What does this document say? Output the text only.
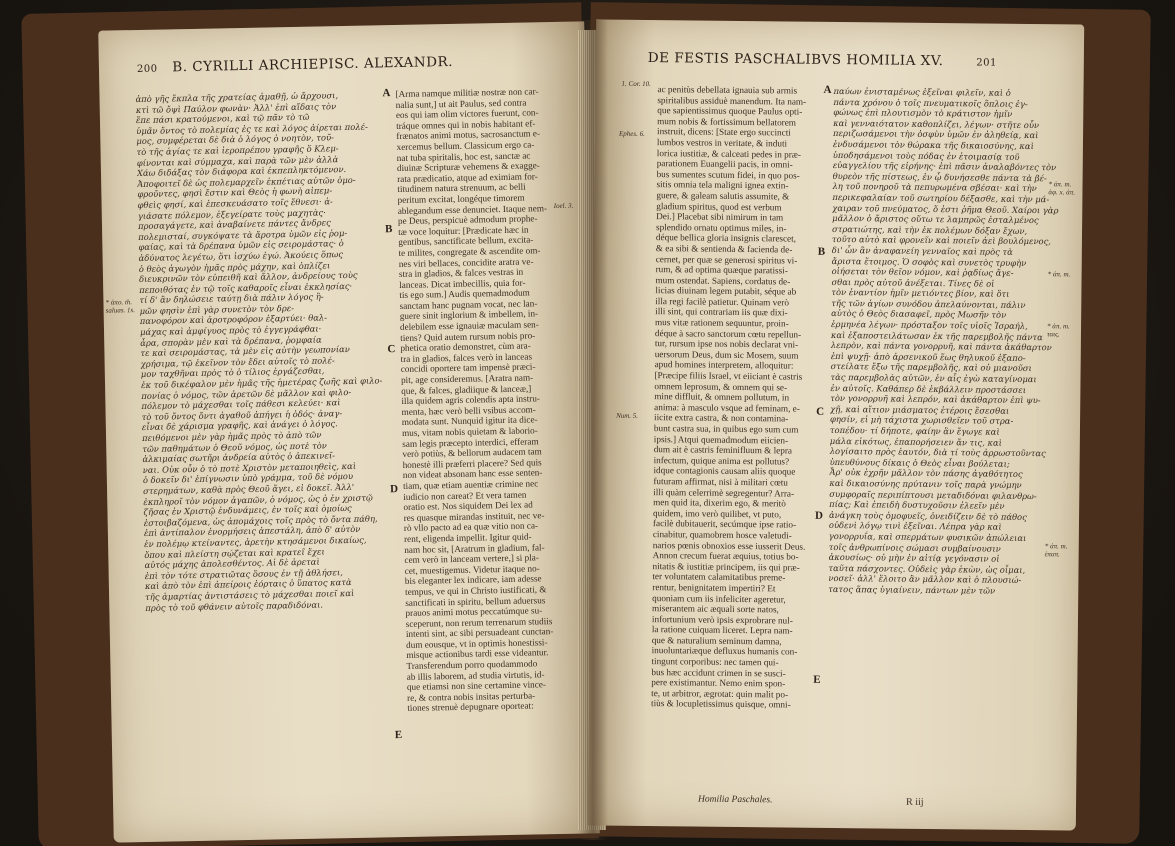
200 B. CYRILLI ARCHIEPISC. ALEXANDR.
ἀπὸ γῆς ἔκπλα τῆς χρατείας ἀμαθῇ, ὡ ἄρχουσι,
κτὶ τῶ ὄψὶ Παύλον φωνὰν· Ἀλλ' ἐπὶ αἴδαις τὸν
ἕπε πάσι κρατούμενοι, καὶ τῷ πᾶν τὸ τῶ
ὑμᾶν ὄντος τὸ πολεμίας ἐς τε καὶ λόγος ἀίρεται πολέ-
μος, συμφέρεται δὲ διὰ ὁ λόγος ὁ νοητὸν, τοῦ-
τὸ τῆς ἁγίας τε καὶ ἱεροπρέπου γραφῆς ὅ Κλεμ-
φίνονται καὶ σύμμαχα, καὶ παρὰ τῶν μὲν ἀλλὰ
Χάω διδάξας τὸν διάφορα καὶ ἐκπεπληκτόμενον.
Ἀποφοιτεῖ δὲ ὡς πολεμαρχεῖν ἐκπέτιας αὐτῶν ὁμο-
φροῦντες, φησὶ ἔστιν καὶ Θεὸς ἡ φωνὴ αἰπεμ-
φθεὶς φησί, καὶ ἐπεσκευάσατο τοῖς ἔθνεσι· ἁ-
γιάσατε πόλεμον, ἐξεγείρατε τοὺς μαχητὰς·
προσαγάγετε, καὶ ἀναβαίνετε πάντες ἄνδρες
πολεμισταί, συγκόψατε τὰ ἄροτρα ὑμῶν εἰς ῥομ-
φαίας, καὶ τὰ δρέπανα ὑμῶν εἰς σειρομάστας· ὁ
ἀδύνατος λεγέτω, ὅτι ἰσχύω ἐγώ. Ἀκούεις ὅπως
ὁ θεὸς ἀγωγὸν ἡμᾶς πρὸς μάχην, καὶ ὁπλίζει
διευκρινῶν τὸν εὐπειθῆ καὶ ἄλλον, ἀνδρείους τοὺς
πεποιθότας ἐν τῷ τοῖς καθαροῖς εἶναι ἐκκλησίας·
τί δ' ἂν δηλώσειε ταύτῃ διὰ πάλιν λόγος ἢ-
μῶν φησὶν ἐπὶ γὰρ συνετὸν τὸν δρε-
πανοφόρον καὶ ἀροτροφόρον ἐξαρτύει· θαλ-
μάχας καὶ ἀμφίγυος πρὸς τὸ ἐγγεγράφθαι·
ἆρα, σπορὰν μὲν καὶ τὰ δρέπανα, ῥομφαία
τε καὶ σειρομάστας, τὰ μὲν εἰς αὐτὴν γεωπονίαν
χρήσιμα, τῷ ἐκεῖνον τὸν ἔδει αὐτοῖς τὸ πολέ-
μον ταχθῆναι πρὸς τὸ ὁ τίλιος ἐργάζεσθαι,
ἐκ τοῦ δικέφαλον μὲν ἡμᾶς τῆς ἡμετέρας ζωῆς καὶ φιλο-
πονίας ὁ νόμος, τῶν ἀρετῶν δὲ μᾶλλον καὶ φιλο-
πόλεμον τὸ μάχεσθαι τοῖς πάθεσι κελεύει· καὶ
τὸ τοῦ ὄντος ὄντι ἀγαθοῦ ἀπήγει ἡ ὁδός· ἀναγ-
εἶναι δὲ χάρισμα γραφῆς, καὶ ἀνάγει ὁ λόγος.
πειθόμενοι μὲν γὰρ ἡμᾶς πρὸς τὸ ἀπὸ τῶν
τῶν παθημάτων ὁ Θεοῦ νόμος, ὡς ποτὲ τὸν
ἀλκιμαίας σωτῆρι ἀνδρεία αὐτὸς ὁ ἀπεκινεῖ-
ναι. Οὐκ οὖν ὁ τὸ ποτὲ Χριστὸν μεταποιηθεὶς, καὶ
ὁ δοκεῖν δι' ἐπίγνωσιν ὑπὸ γράμμα, τοῦ δὲ νόμου
στερημάτων, καθὰ πρὸς Θεοῦ ἄγει, εἰ δοκεῖ. Ἀλλ'
ἐκπληροῖ τὸν νόμον ἀγαπῶν, ὁ νόμος, ὡς ὁ ἐν χριστῷ
ζῆσας ἐν Χριστῷ ἐνδυνάμεις, ἐν τοῖς καὶ ὁμοίως
ἐστοιβαζόμενα, ὡς ἀπομάχοις τοῖς πρὸς τὸ ὄντα πάθη,
ἐπὶ ἀντίπαλον ἐνορμήσεις ἀπεστάλη, ἀπὸ δ' αὐτὸν
ἐν πολέμῳ κτείναντες, ἀρετὴν κτησάμενοι δικαίως,
ὅπου καὶ πλείστη σῴζεται καὶ κρατεῖ ἔχει
αὐτός μάχης ἀπολεσθέντος. Αἱ δὲ ἀρεταὶ
ἐπὶ τὸν τότε στρατιῶτας ὅσους ἐν τῇ ἀθλήσει,
καὶ ἀπὸ τὸν ἐπὶ ἀπείροις ἑόρταις ὁ ὕπατος κατὰ
τῆς ἁμαρτίας ἀντιστάσεις τὸ μάχεσθαι ποιεῖ καὶ
πρὸς τὸ τοῦ φθάνειν αὐτοῖς παραδιδόναι.
[Arma namque militiæ nostræ non car-
nalia sunt,] ut ait Paulus, sed contra
eos qui iam olim victores fuerunt, con-
tráque omnes qui in nobis habitant ef-
frænatos animi motus, sacrosanctum e-
xercemus bellum. Classicum ergo ca-
nat tuba spiritalis, hoc est, sanctæ ac
diuinæ Scripturæ vehemens & exagge-
rata prædicatio, atque ad eximiam for-
titudinem natura strenuum, ac belli
peritum excitat, longéque timorem
ablegandum esse denunciet. Itaque nem-
pe Deus, perspicuè admodum prophe-
tæ voce loquitur: [Prædicate hæc in
gentibus, sanctificate bellum, excita-
te milites, congregate & ascendite om-
nes viri bellaces, concidite aratra ve-
stra in gladios, & falces vestras in
lanceas. Dicat imbecillis, quia for-
tis ego sum.] Audis quemadmodum
sanctam hanc pugnam vocat, nec lan-
guere sinit inglorium & imbellem, in-
delebilem esse ignauiæ maculam sen-
tiens? Quid autem rursum nobis pro-
phetica oratio demonstret, cùm ara-
tra in gladios, falces verò in lanceas
concidi oportere tam impensè præci-
pit, age consideremus. [Aratra nam-
que, & falces, gladiique & lanceæ,]
illa quidem agris colendis apta instru-
menta, hæc verò belli vsibus accom-
modata sunt. Nunquid igitur ita dice-
mus, vitam nobis quietam & laborio-
sam legis præcepto interdici, efferam
verò potiùs, & bellorum audacem tam
honestè illi præferri placere? Sed quis
non videat absonam hanc esse senten-
tiam, quæ etiam auentiæ crimine nec
iudicio non careat? Et vera tamen
oratio est. Nos siquidem Dei lex ad
res quasque mirandas instituit, nec ve-
rò vllo pacto ad ea quæ vitio non ca-
rent, eligenda impellit. Igitur quid-
nam hoc sit, [Aratrum in gladium, fal-
cem verò in lanceam vertere,] si pla-
cet, muestigemus. Videtur itaque no-
bis eleganter lex indicare, iam adesse
tempus, ve qui in Christo iustificati, &
sanctificati in spiritu, bellum aduersus
prauos animi motus peccatúmque su-
sceperunt, non rerum terrenarum studiis
intenti sint, ac sibi persuadeant cunctan-
dum eousque, vt in optimis honestissi-
misque actionibus tardi esse videantur.
Transferendum porro quodammodo
ab illis laborem, ad studia virtutis, id-
que etiamsi non sine certamine vince-
re, & contra nobis insitas perturba-
tiones strenuè depugnare oporteat:
A
B
C
D
E
* ἁπο. th. saluas. 1s.
Ioel. 3.
DE FESTIS PASCHALIBVS HOMILIA XV.	201
ac penitùs debellata ignauia sub armis
spiritalibus assiduè manendum. Ita nam-
que sapientissimus quoque Paulus opti-
mum nobis & fortissimum bellatorem
instruit, dicens: [State ergo succincti
lumbos vestros in veritate, & induti
lorica iustitiæ, & calceati pedes in præ-
parationem Euangelii pacis, in omni-
bus sumentes scutum fidei, in quo pos-
sitis omnia tela maligni ignea extin-
guere, & galeam salutis assumite, &
gladium spiritus, quod est verbum
Dei.] Placebat sibi nimirum in tam
splendido ornatu optimus miles, in-
déque bellica gloria insignis clarescet,
& ea sibi & sentienda & facienda de-
cernet, per quæ se generosi spiritus vi-
rum, & ad optima quæque paratissi-
mum ostendat. Sapiens, cordatus de-
licias diuinam legem putabit, séque ab
illa regi facilè patietur. Quinam verò
illi sint, qui contrariam iis quæ dixi-
mus vitæ rationem sequuntur, proin-
déque à sacro sanctorum cœtu repellun-
tur, rursum ipse nos nobis declarat vni-
uersorum Deus, dum sic Mosem, suum
apud homines interpretem, alloquitur:
[Præcipe filiis Israel, vt eiiciant è castris
omnem leprosum, & omnem qui se-
mine diffluit, & omnem pollutum, in
anima: à masculo vsque ad feminam, e-
iicite extra castra, & non contamina-
bunt castra sua, in quibus ego sum cum
ipsis.] Atqui quemadmodum eiicien-
dum ait è castris feminifluum & lepra
infectum, quique anima est pollutus?
idque contagionis causam aliis quoque
futuram affirmat, nisi à militari cœtu
illi quàm celerrimè segregentur? Arra-
men quid ita, dixerim ego, & meritò
quidem, imo verò quilibet, vt puto,
facilè dubitauerit, secúmque ipse ratio-
cinabitur, quamobrem hosce valetudi-
narios pœnis obnoxios esse iusserit Deus.
Annon crecum fuerat æquius, totius bo-
nitatis & iustitiæ principem, iis qui præ-
ter voluntatem calamitatibus preme-
rentur, benignitatem impertiri? Et
quoniam cum iis infeliciter ageretur,
miserantem aic æquali sorte natos,
infortunium verò ipsis exprobrare nul-
la ratione cuiquam liceret. Lepra nam-
que & naturalium seminum damna,
inuoluntariæque defluxus humanis con-
tingunt corporibus: nec tamen qui-
bus hæc accidunt crimen in se susci-
pere existimantur. Nemo enim spon-
te, ut arbitror, ægrotat: quin malit po-
tiùs & locupletissimus quisque, omni-
παύων ἐνισταμένως ἐξεῖναι φιλεῖν, καὶ ὁ
πάντα χρόνου ὁ τοῖς πνευματικοῖς ὅπλοις ἐγ-
φώνως ἐπὶ πλουτισμὸν τὸ κράτιστον ἡμῖν
καὶ γενναιότατον καθοπλίζει, λέγων· στῆτε οὖν
περιζωσάμενοι τὴν ὀσφὺν ὑμῶν ἐν ἀληθείᾳ, καὶ
ἐνδυσάμενοι τὸν θώρακα τῆς δικαιοσύνης, καὶ
ὑποδησάμενοι τοὺς πόδας ἐν ἑτοιμασίᾳ τοῦ
εὐαγγελίου τῆς εἰρήνης· ἐπὶ πᾶσιν ἀναλαβόντες τὸν
θυρεὸν τῆς πίστεως, ἐν ᾧ δυνήσεσθε πάντα τὰ βέ-
λη τοῦ πονηροῦ τὰ πεπυρωμένα σβέσαι· καὶ τὴν
περικεφαλαίαν τοῦ σωτηρίου δέξασθε, καὶ τὴν μά-
χαιραν τοῦ πνεύματος, ὅ ἐστι ῥῆμα Θεοῦ. Χαίροι γὰρ
μᾶλλον ὁ ἄριστος οὕτω τε λαμπρῶς ἐσταλμένος
στρατιώτης, καὶ τὴν ἐκ πολέμων δόξαν ἔχων,
τοῦτο αὐτὸ καὶ φρονεῖν καὶ ποιεῖν ἀεὶ βουλόμενος,
δι' ὧν ἂν ἀναφανείη γενναῖος καὶ πρὸς τὰ
ἄριστα ἕτοιμος. Ὁ σοφὸς καὶ συνετὸς τρυφὴν
οἰήσεται τὸν θεῖον νόμον, καὶ ῥᾳδίως ἄγε-
σθαι πρὸς αὐτοῦ ἀνέξεται. Τίνες δὲ οἱ
τὸν ἐναντίον ἡμῖν μετιόντες βίον, καὶ ὅτι
τῆς τῶν ἁγίων συνόδου ἀπελαύνονται, πάλιν
αὐτὸς ὁ Θεὸς διασαφεῖ, πρὸς Μωσῆν τὸν
ἑρμηνέα λέγων· πρόσταξον τοῖς υἱοῖς Ἰσραήλ,
καὶ ἐξαποστειλάτωσαν ἐκ τῆς παρεμβολῆς πάντα
λεπρὸν, καὶ πάντα γονορρυῆ, καὶ πάντα ἀκάθαρτον
ἐπὶ ψυχῇ· ἀπὸ ἀρσενικοῦ ἕως θηλυκοῦ ἐξαπο-
στείλατε ἔξω τῆς παρεμβολῆς, καὶ οὐ μιανοῦσι
τὰς παρεμβολὰς αὐτῶν, ἐν αἷς ἐγὼ καταγίνομαι
ἐν αὐτοῖς. Καθάπερ δὲ ἐκβάλλειν προστάσσει
τὸν γονορρυῆ καὶ λεπρόν, καὶ ἀκάθαρτον ἐπὶ ψυ-
χῇ, καὶ αἴτιον μιάσματος ἑτέροις ἔσεσθαι
φησίν, εἰ μὴ τάχιστα χωρισθεῖεν τοῦ στρα-
τοπέδου· τί δήποτε, φαίην ἂν ἔγωγε καὶ
μάλα εἰκότως, ἐπαπορήσειεν ἄν τις, καὶ
λογίσαιτο πρὸς ἑαυτόν, διὰ τί τοὺς ἀρρωστοῦντας
ὑπευθύνους δίκαις ὁ Θεὸς εἶναι βούλεται;
Ἆρ' οὐκ ἐχρῆν μᾶλλον τὸν πάσης ἀγαθότητος
καὶ δικαιοσύνης πρύτανιν τοῖς παρὰ γνώμην
συμφοραῖς περιπίπτουσι μεταδιδόναι φιλανθρω-
πίας; Καὶ ἐπειδὴ δυστυχοῦσιν ἐλεεῖν μὲν
ἀνάγκη τοὺς ὁμοφυεῖς, ὀνειδίζειν δὲ τὸ πάθος
οὐδενὶ λόγῳ τινὶ ἐξεῖναι. Λέπρα γὰρ καὶ
γονορρυΐα, καὶ σπερμάτων φυσικῶν ἀπώλειαι
τοῖς ἀνθρωπίνοις σώμασι συμβαίνουσιν
ἀκουσίως· οὐ μὴν ἐν αἰτίᾳ γεγόνασιν οἱ
ταῦτα πάσχοντες. Οὐδεὶς γὰρ ἑκὼν, ὡς οἶμαι,
νοσεῖ· ἀλλ' ἕλοιτο ἂν μᾶλλον καὶ ὁ πλουσιώ-
τατος ἅπας ὑγιαίνειν, πάντων μὲν τῶν
A
B
C
D
E
1. Cor. 10.
Ephes. 6.
Num. 5.
* ἀπ. m. ἀφ. x. ἁπ.
* ἀπ. m.
* ἀπ. m. ταις.
* ἀπ. m. ἑπαπ.
Homilia Paschales.	R iij
